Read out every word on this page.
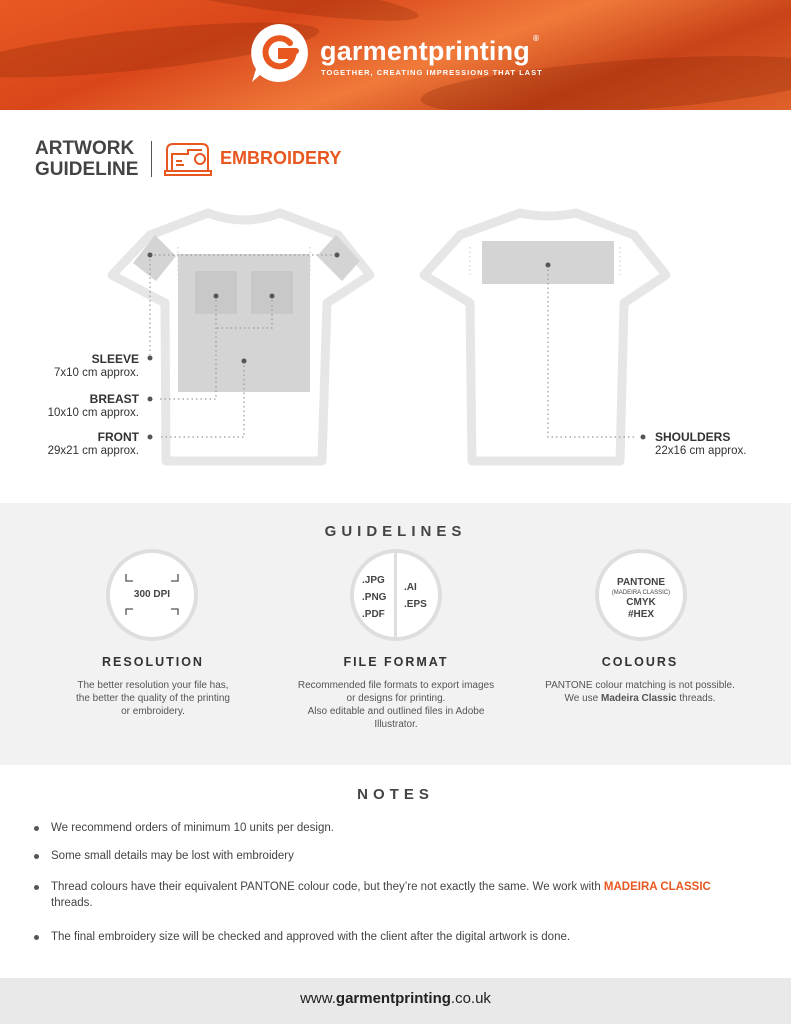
garmentprinting ®
TOGETHER, CREATING IMPRESSIONS THAT LAST
ARTWORK
GUIDELINE
EMBROIDERY
SLEEVE
7x10 cm approx.
BREAST
10x10 cm approx.
FRONT
29x21 cm approx.
SHOULDERS
22x16 cm approx.
GUIDELINES
300 DPI
RESOLUTION
The better resolution your file has,
the better the quality of the printing
or embroidery.
.JPG
.PNG
.PDF
.AI
.EPS
FILE FORMAT
Recommended file formats to export images
or designs for printing.
Also editable and outlined files in Adobe
Illustrator.
PANTONE
(MADEIRA CLASSIC)
CMYK
#HEX
COLOURS
PANTONE colour matching is not possible.
We use Madeira Classic threads.
NOTES
We recommend orders of minimum 10 units per design.
Some small details may be lost with embroidery
Thread colours have their equivalent PANTONE colour code, but they’re not exactly the same. We work with MADEIRA CLASSIC threads.
The final embroidery size will be checked and approved with the client after the digital artwork is done.
www.garmentprinting.co.uk
